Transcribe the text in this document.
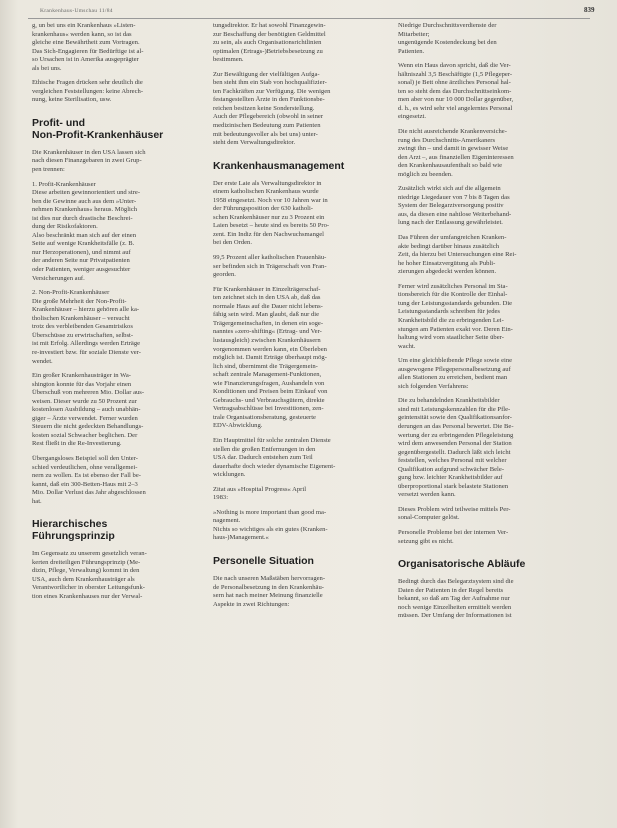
Krankenhaus-Umschau 11/84	839

g, un bei uns ein Krankenhaus »Listen-
krankenhaus« werden kann, so ist das
gleiche eine Bewährtheit zum Vortragen.
Das Sich-Engagieren für Bedürftige ist al-
so Ursachen ist in Amerika ausgeprägter
als bei uns.

Ethische Fragen drücken sehr deutlich die
vergleichen Feststellungen: keine Abrech-
nung, keine Sterilisation, usw.

Profit- und
Non-Profit-Krankenhäuser

Die Krankenhäuser in den USA lassen sich
nach diesen Finanzgebaren in zwei Grup-
pen trennen:

1. Profit-Krankenhäuser
Diese arbeiten gewinnorientiert und stre-
ben die Gewinne auch aus dem »Unter-
nehmen Krankenhaus« heraus. Möglich
ist dies nur durch drastische Beschrei-
dung der Risikofaktoren.
Also beschränkt man sich auf der einen
Seite auf wenige Krankheitsfälle (z. B.
nur Herzoperationen), und nimmt auf
der anderen Seite nur Privatpatienten
oder Patienten, weniger ausgesuchter
Versicherungen auf.

2. Non-Profit-Krankenhäuser
Die große Mehrheit der Non-Profit-
Krankenhäuser – hierzu gehören alle ka-
tholischen Krankenhäuser – versucht
trotz des verbleibenden Gesamtrisikos
Überschüsse zu erwirtschaften, selbst-
ist mit Erfolg. Allerdings werden Erträge
re-investiert bzw. für soziale Dienste ver-
wendet.

Ein großer Krankenhausträger in Wa-
shington konnte für das Vorjahr einen
Überschuß von mehreren Mio. Dollar aus-
weisen. Dieser wurde zu 50 Prozent zur
kostenlosen Ausbildung – auch unabhän-
giger – Ärzte verwendet. Ferner wurden
Steuern die nicht gedeckten Behandlungs-
kosten sozial Schwacher beglichen. Der
Rest fließt in die Re-Investierung.

Übergangsloses Beispiel soll den Unter-
schied verdeutlichen, ohne verallgemei-
nern zu wollen. Es ist ebenso der Fall be-
kannt, daß ein 300-Betten-Haus mit 2–3
Mio. Dollar Verlust das Jahr abgeschlossen
hat.

Hierarchisches
Führungsprinzip

Im Gegensatz zu unserem gesetzlich veran-
kerten dreiteiligen Führungsprinzip (Me-
dizin, Pflege, Verwaltung) kommt in den
USA, auch dem Krankenhausträger als
Verantwortlicher in oberster Leitungsfunk-
tion eines Krankenhauses nur der Verwal-

tungsdirektor. Er hat sowohl Finanzgewin-
zur Beschaffung der benötigten Geldmittel
zu sein, als auch Organisationsrichtlinien
optimalen (Ertrags-)Betriebsbesetzung zu
bestimmen.

Zur Bewältigung der vielfältigen Aufga-
ben steht ihm ein Stab von hochqualifizier-
ten Fachkräften zur Verfügung. Die wenigen
festangestellten Ärzte in den Funktionsbe-
reichen besitzen keine Sonderstellung.
Auch der Pflegebereich (obwohl in seiner
medizinischen Bedeutung zum Patienten
mit bedeutungsvoller als bei uns) unter-
steht dem Verwaltungsdirektor.

Krankenhausmanagement

Der erste Laie als Verwaltungsdirektor in
einem katholischen Krankenhaus wurde
1958 eingesetzt. Noch vor 10 Jahren war in
der Führungsposition der 630 katholi-
schen Krankenhäuser nur zu 3 Prozent ein
Laien besetzt – heute sind es bereits 50 Pro-
zent. Ein Indiz für den Nachwuchsmangel
bei den Orden.

99,5 Prozent aller katholischen Frauenhäu-
ser befinden sich in Trägerschaft von Fran-
georden.

Für Krankenhäuser in Einzelträgerschaf-
ten zeichnet sich in den USA ab, daß das
normale Haus auf die Dauer nicht lebens-
fähig sein wird. Man glaubt, daß nur die
Trägergemeinschaften, in denen ein soge-
nanntes »zero-shifting« (Ertrag- und Ver-
lustausgleich) zwischen Krankenhäusern
vorgenommen werden kann, ein Überleben
möglich ist. Damit Erträge überhaupt mög-
lich sind, übernimmt die Trägergemein-
schaft zentrale Management-Funktionen,
wie Finanzierungsfragen, Aushandeln von
Konditionen und Preisen beim Einkauf von
Gebrauchs- und Verbrauchsgütern, direkte
Vertragsabschlüsse bei Investitionen, zen-
trale Organisationsberatung, gesteuerte
EDV-Abwicklung.

Ein Hauptmittel für solche zentralen Dienste
stellen die großen Entfernungen in den
USA dar. Dadurch entstehen zum Teil
dauerhafte doch wieder dynamische Eigenent-
wicklungen.

Zitat aus »Hospital Progress« April
1983:

»Nothing is more important than good ma-
nagement.
Nichts so wichtiges als ein gutes (Kranken-
haus-)Management.«

Personelle Situation

Die nach unseren Maßstäben hervorragen-
de Personalbesetzung in den Krankenhäu-
sern hat nach meiner Meinung finanzielle
Aspekte in zwei Richtungen:

Niedrige Durchschnittsverdienste der
Mitarbeiter;
ungenügende Kostendeckung bei den
Patienten.

Wenn ein Haus davon spricht, daß die Ver-
hältniszahl 3,5 Beschäftigte (1,5 Pflegeper-
sonal) je Bett ohne ärztliches Personal hal-
ten so steht dem das Durchschnittseinkom-
men aber von nur 10 000 Dollar gegenüber,
d. h., es wird sehr viel angelerntes Personal
eingesetzt.

Die nicht ausreichende Krankenversiche-
rung des Durchschnitts-Amerikaners
zwingt ihn – und damit in gewisser Weise
den Arzt –, aus finanziellen Eigeninteressen
den Krankenhausaufenthalt so bald wie
möglich zu beenden.

Zusätzlich wirkt sich auf die allgemein
niedrige Liegedauer von 7 bis 8 Tagen das
System der Belegarztversorgung positiv
aus, da diesen eine nahtlose Weiterbehand-
lung nach der Entlassung gewährleistet.

Das Führen der umfangreichen Kranken-
akte bedingt darüber hinaus zusätzlich
Zeit, da hierzu bei Untersuchungen eine Rei-
he hoher Einsatzvergütung als Publi-
zierungen abgedeckt werden können.

Ferner wird zusätzliches Personal im Sta-
tionsbereich für die Kontrolle der Einhal-
tung der Leistungsstandards gebunden. Die
Leistungsstandards schreiben für jedes
Krankheitsbild die zu erbringenden Lei-
stungen am Patienten exakt vor. Deren Ein-
haltung wird vom staatlicher Seite über-
wacht.

Um eine gleichbleibende Pflege sowie eine
ausgewogene Pflegepersonalbesetzung auf
allen Stationen zu erreichen, bedient man
sich folgenden Verfahrens:

Die zu behandelnden Krankheitsbilder
sind mit Leistungskennzahlen für die Pfle-
geintensität sowie den Qualifikationsanfor-
derungen an das Personal bewertet. Die Be-
wertung der zu erbringenden Pflegeleistung
wird dem anwesenden Personal der Station
gegenübergestellt. Dadurch läßt sich leicht
feststellen, welches Personal mit welcher
Qualifikation aufgrund schwächer Bele-
gung bzw. leichter Krankheitsbilder auf
überproportional stark belastete Stationen
versetzt werden kann.

Dieses Problem wird teilweise mittels Per-
sonal-Computer gelöst.

Personelle Probleme bei der internen Ver-
setzung gibt es nicht.

Organisatorische Abläufe

Bedingt durch das Belegarztsystem sind die
Daten der Patienten in der Regel bereits
bekannt, so daß am Tag der Aufnahme nur
noch wenige Einzelheiten ermittelt werden
müssen. Der Umfang der Informationen ist
